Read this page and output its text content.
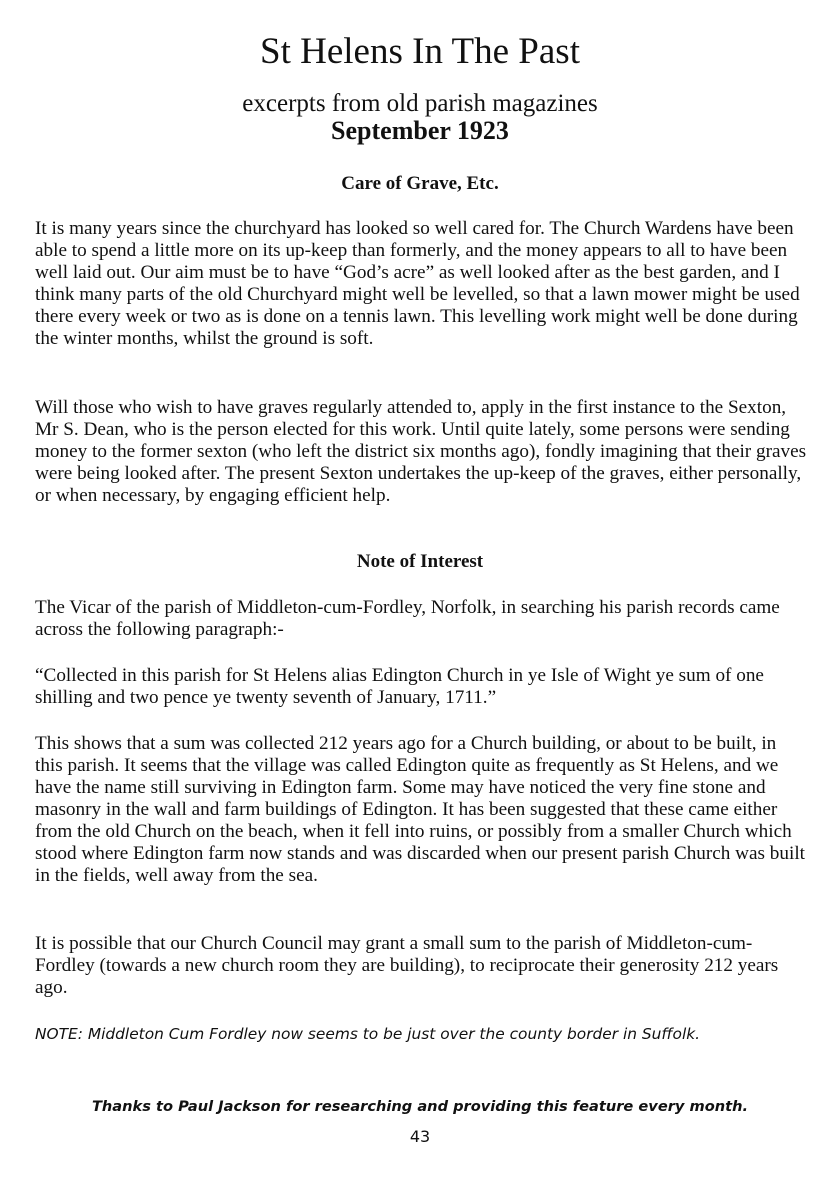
St Helens In The Past
excerpts from old parish magazines
September 1923
Care of Grave, Etc.

It is many years since the churchyard has looked so well cared for. The Church Wardens have been able to spend a little more on its up-keep than formerly, and the money appears to all to have been well laid out. Our aim must be to have “God’s acre” as well looked after as the best garden, and I think many parts of the old Churchyard might well be levelled, so that a lawn mower might be used there every week or two as is done on a tennis lawn. This levelling work might well be done during the winter months, whilst the ground is soft.

Will those who wish to have graves regularly attended to, apply in the first instance to the Sexton, Mr S. Dean, who is the person elected for this work. Until quite lately, some persons were sending money to the former sexton (who left the district six months ago), fondly imagining that their graves were being looked after. The present Sexton undertakes the up-keep of the graves, either personally, or when necessary, by engaging efficient help.

Note of Interest

The Vicar of the parish of Middleton-cum-Fordley, Norfolk, in searching his parish records came across the following paragraph:-

“Collected in this parish for St Helens alias Edington Church in ye Isle of Wight ye sum of one shilling and two pence ye twenty seventh of January, 1711.”

This shows that a sum was collected 212 years ago for a Church building, or about to be built, in this parish. It seems that the village was called Edington quite as frequently as St Helens, and we have the name still surviving in Edington farm. Some may have noticed the very fine stone and masonry in the wall and farm buildings of Edington. It has been suggested that these came either from the old Church on the beach, when it fell into ruins, or possibly from a smaller Church which stood where Edington farm now stands and was discarded when our present parish Church was built in the fields, well away from the sea.

It is possible that our Church Council may grant a small sum to the parish of Middleton-cum-Fordley (towards a new church room they are building), to reciprocate their generosity 212 years ago.

NOTE: Middleton Cum Fordley now seems to be just over the county border in Suffolk.

Thanks to Paul Jackson for researching and providing this feature every month.

43
